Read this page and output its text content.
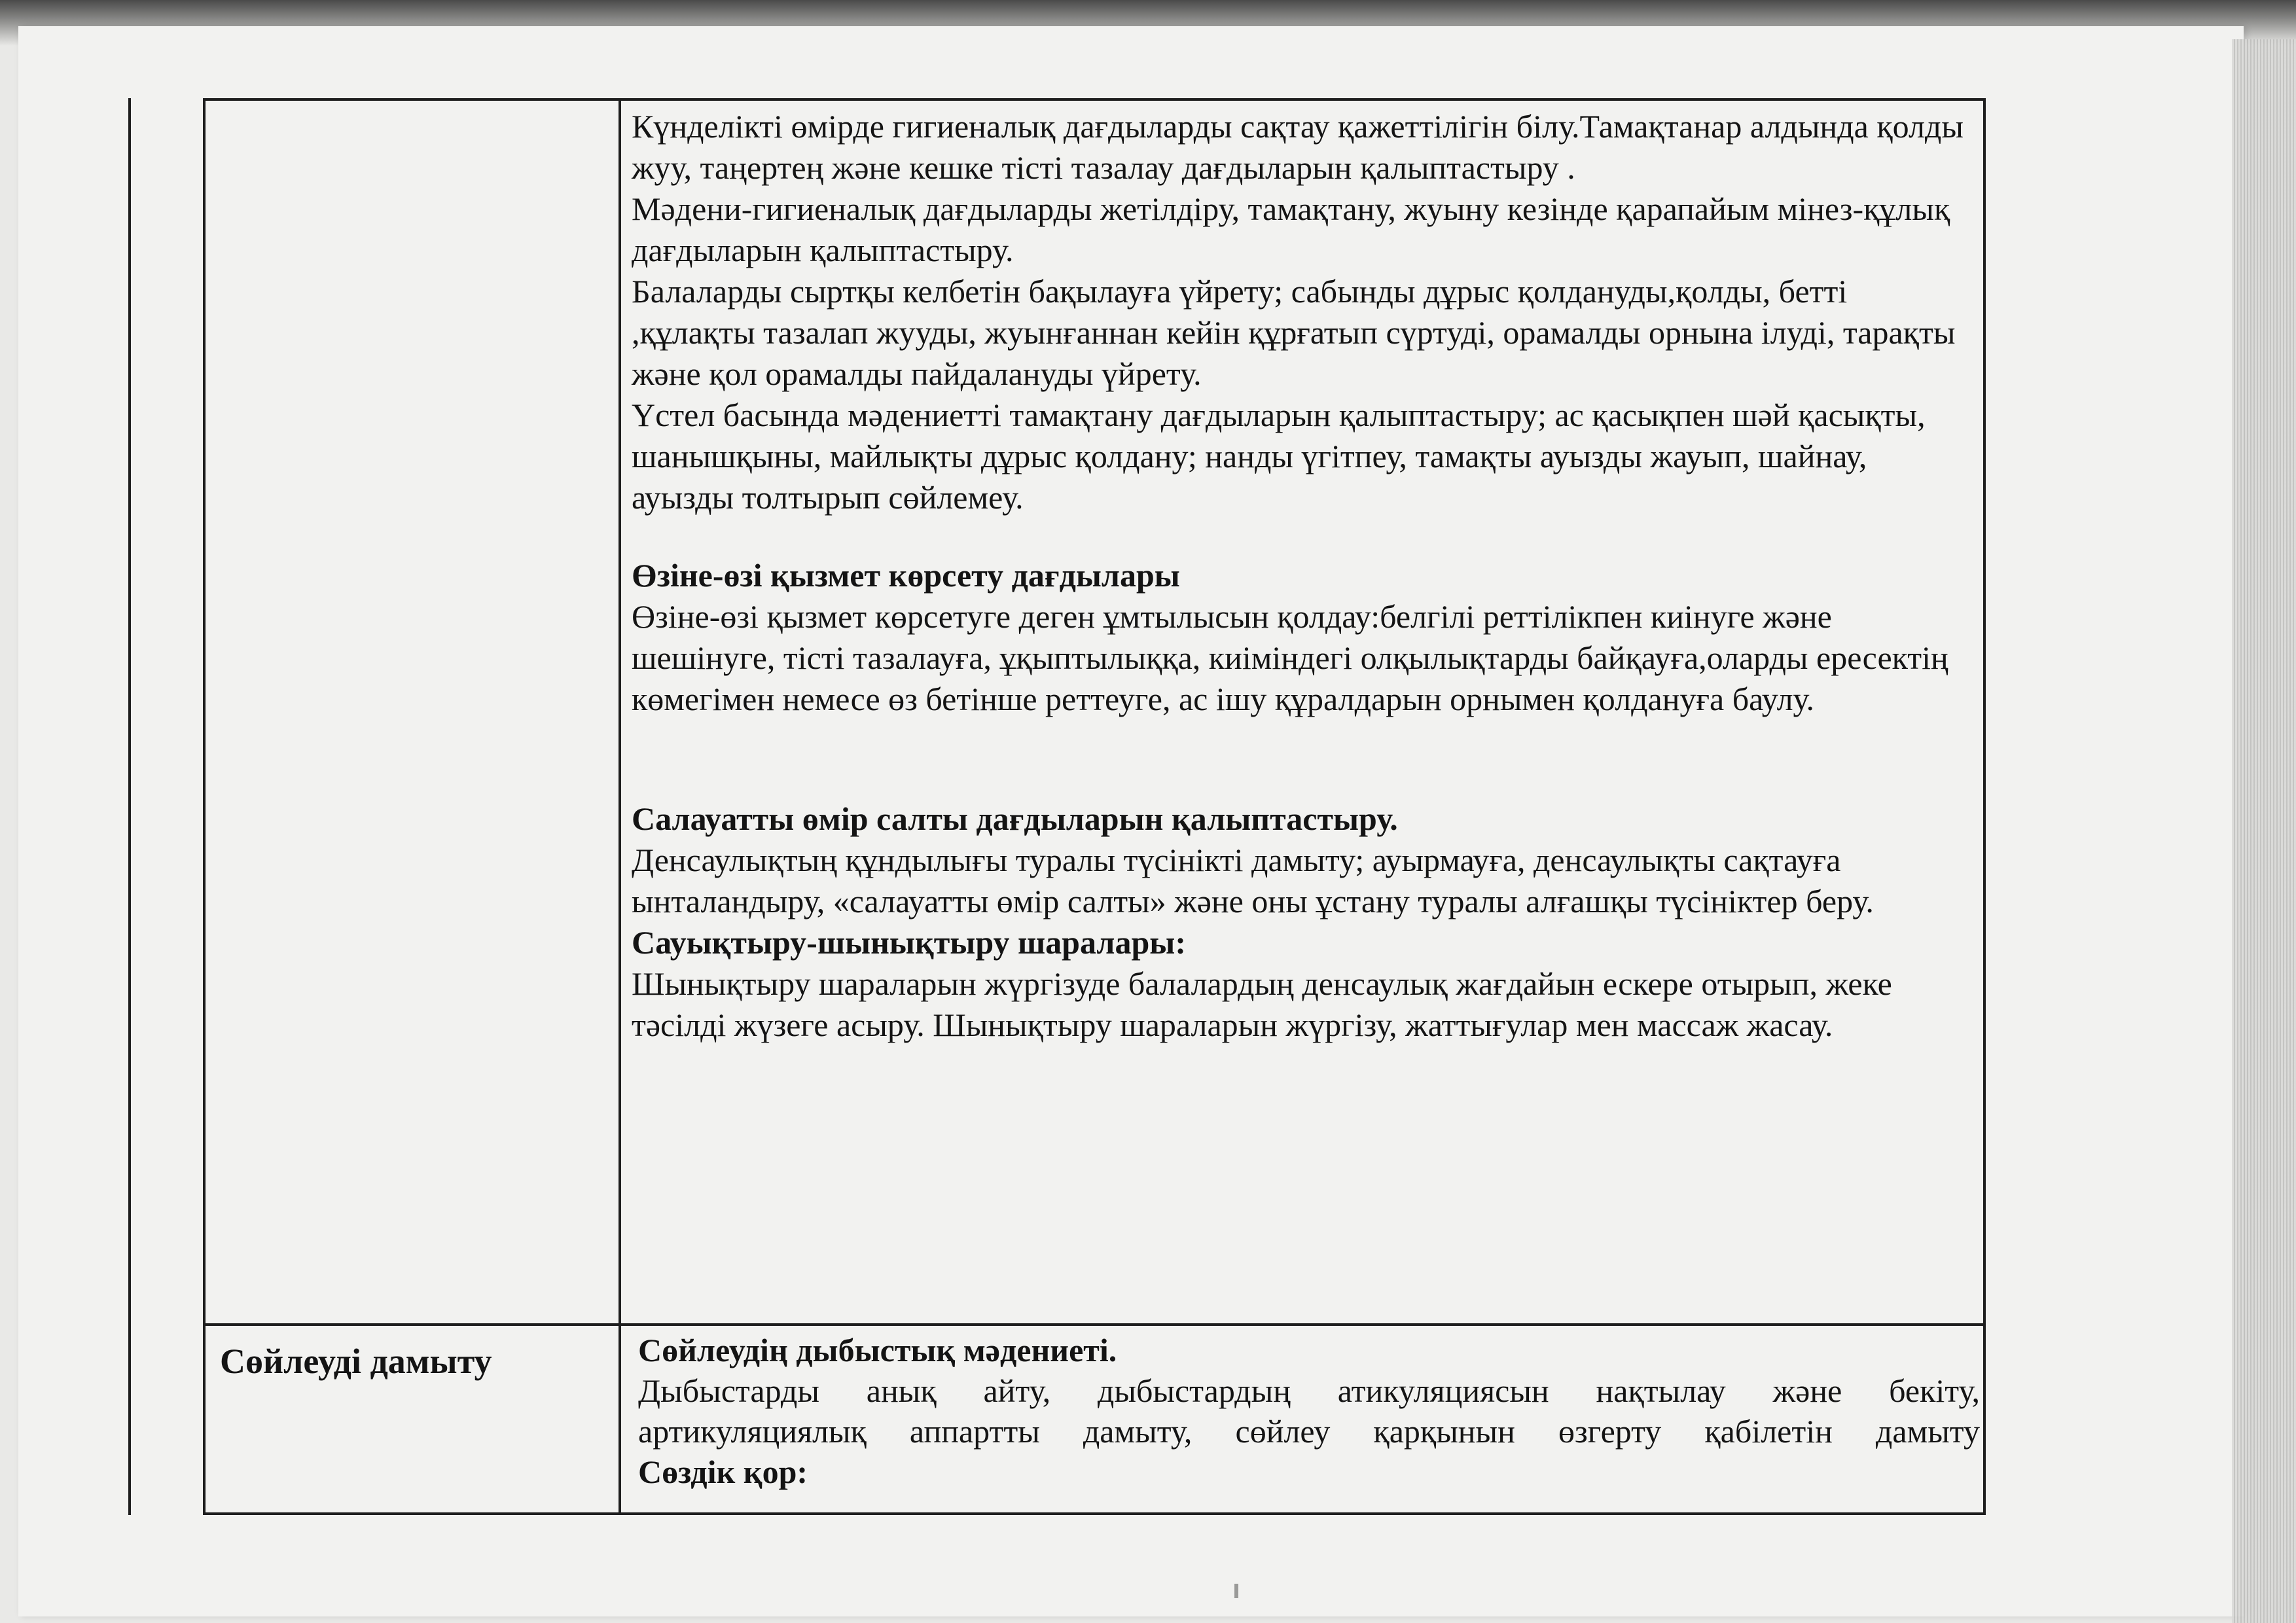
Күнделікті өмірде гигиеналық дағдыларды сақтау қажеттілігін білу.Тамақтанар алдында қолды жуу, таңертең және кешке тісті тазалау дағдыларын қалыптастыру .

Мәдени-гигиеналық дағдыларды жетілдіру, тамақтану, жуыну кезінде қарапайым мінез-құлық дағдыларын қалыптастыру.

Балаларды сыртқы келбетін бақылауға үйрету; сабынды дұрыс қолдануды,қолды, бетті ,құлақты тазалап жууды, жуынғаннан кейін құрғатып сүртуді, орамалды орнына ілуді, тарақты және қол орамалды пайдалануды үйрету.

Үстел басында мәдениетті тамақтану дағдыларын қалыптастыру; ас қасықпен шәй қасықты, шанышқыны, майлықты дұрыс қолдану; нанды үгітпеу, тамақты ауызды жауып, шайнау, ауызды толтырып сөйлемеу.

Өзіне-өзі қызмет көрсету дағдылары

Өзіне-өзі қызмет көрсетуге деген ұмтылысын қолдау:белгілі реттілікпен киінуге және шешінуге, тісті тазалауға, ұқыптылыққа, киіміндегі олқылықтарды байқауға,оларды ересектің көмегімен немесе өз бетінше реттеуге, ас ішу құралдарын орнымен қолдануға баулу.

Салауатты өмір салты дағдыларын қалыптастыру.

Денсаулықтың құндылығы туралы түсінікті дамыту; ауырмауға, денсаулықты сақтауға ынталандыру, «салауатты өмір салты» және оны ұстану туралы алғашқы түсініктер беру.

Сауықтыру-шынықтыру шаралары:

Шынықтыру шараларын жүргізуде балалардың денсаулық жағдайын ескере отырып, жеке тәсілді жүзеге асыру. Шынықтыру шараларын жүргізу, жаттығулар мен массаж жасау.

Сөйлеуді дамыту	Сөйлеудің дыбыстық мәдениеті.

Дыбыстарды анық айту, дыбыстардың атикуляциясын нақтылау және бекіту,

артикуляциялық аппартты дамыту, сөйлеу қарқынын өзгерту қабілетін дамыту

Сөздік қор:
